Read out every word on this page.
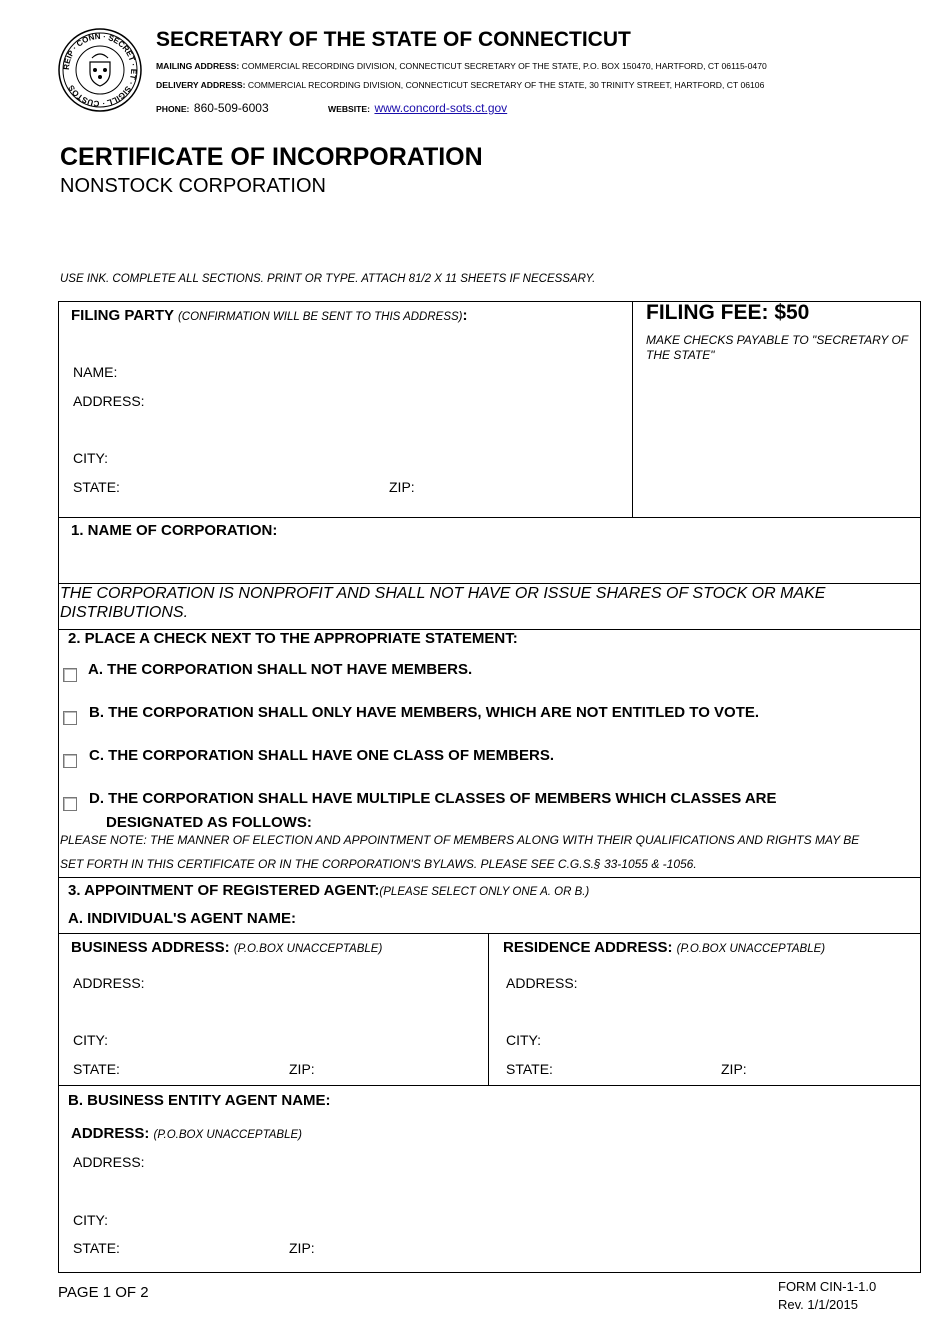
REIP · CONN · SECRET · ET · SIGILL · CUSTOS
SECRETARY OF THE STATE OF CONNECTICUT
MAILING ADDRESS: COMMERCIAL RECORDING DIVISION, CONNECTICUT SECRETARY OF THE STATE, P.O. BOX 150470, HARTFORD, CT 06115-0470
DELIVERY ADDRESS: COMMERCIAL RECORDING DIVISION, CONNECTICUT SECRETARY OF THE STATE, 30 TRINITY STREET, HARTFORD, CT 06106
PHONE: 860-509-6003	WEBSITE: www.concord-sots.ct.gov
CERTIFICATE OF INCORPORATION
NONSTOCK CORPORATION
USE INK. COMPLETE ALL SECTIONS. PRINT OR TYPE. ATTACH 81/2 X 11 SHEETS IF NECESSARY.
FILING PARTY (CONFIRMATION WILL BE SENT TO THIS ADDRESS):
NAME:
ADDRESS:
CITY:
STATE:	ZIP:
FILING FEE: $50
MAKE CHECKS PAYABLE TO "SECRETARY OF THE STATE"
1. NAME OF CORPORATION:
THE CORPORATION IS NONPROFIT AND SHALL NOT HAVE OR ISSUE SHARES OF STOCK OR MAKE DISTRIBUTIONS.
2. PLACE A CHECK NEXT TO THE APPROPRIATE STATEMENT:
A. THE CORPORATION SHALL NOT HAVE MEMBERS.
B. THE CORPORATION SHALL ONLY HAVE MEMBERS, WHICH ARE NOT ENTITLED TO VOTE.
C. THE CORPORATION SHALL HAVE ONE CLASS OF MEMBERS.
D. THE CORPORATION SHALL HAVE MULTIPLE CLASSES OF MEMBERS WHICH CLASSES ARE
DESIGNATED AS FOLLOWS:
PLEASE NOTE: THE MANNER OF ELECTION AND APPOINTMENT OF MEMBERS ALONG WITH THEIR QUALIFICATIONS AND RIGHTS MAY BE
SET FORTH IN THIS CERTIFICATE OR IN THE CORPORATION'S BYLAWS. PLEASE SEE C.G.S.§ 33-1055 & -1056.
3. APPOINTMENT OF REGISTERED AGENT:(PLEASE SELECT ONLY ONE A. OR B.)
A. INDIVIDUAL'S AGENT NAME:
BUSINESS ADDRESS: (P.O.BOX UNACCEPTABLE)
ADDRESS:
CITY:
STATE:	ZIP:
RESIDENCE ADDRESS: (P.O.BOX UNACCEPTABLE)
ADDRESS:
CITY:
STATE:	ZIP:
B. BUSINESS ENTITY AGENT NAME:
ADDRESS: (P.O.BOX UNACCEPTABLE)
ADDRESS:
CITY:
STATE:	ZIP:
PAGE 1 OF 2	FORM CIN-1-1.0
Rev. 1/1/2015
